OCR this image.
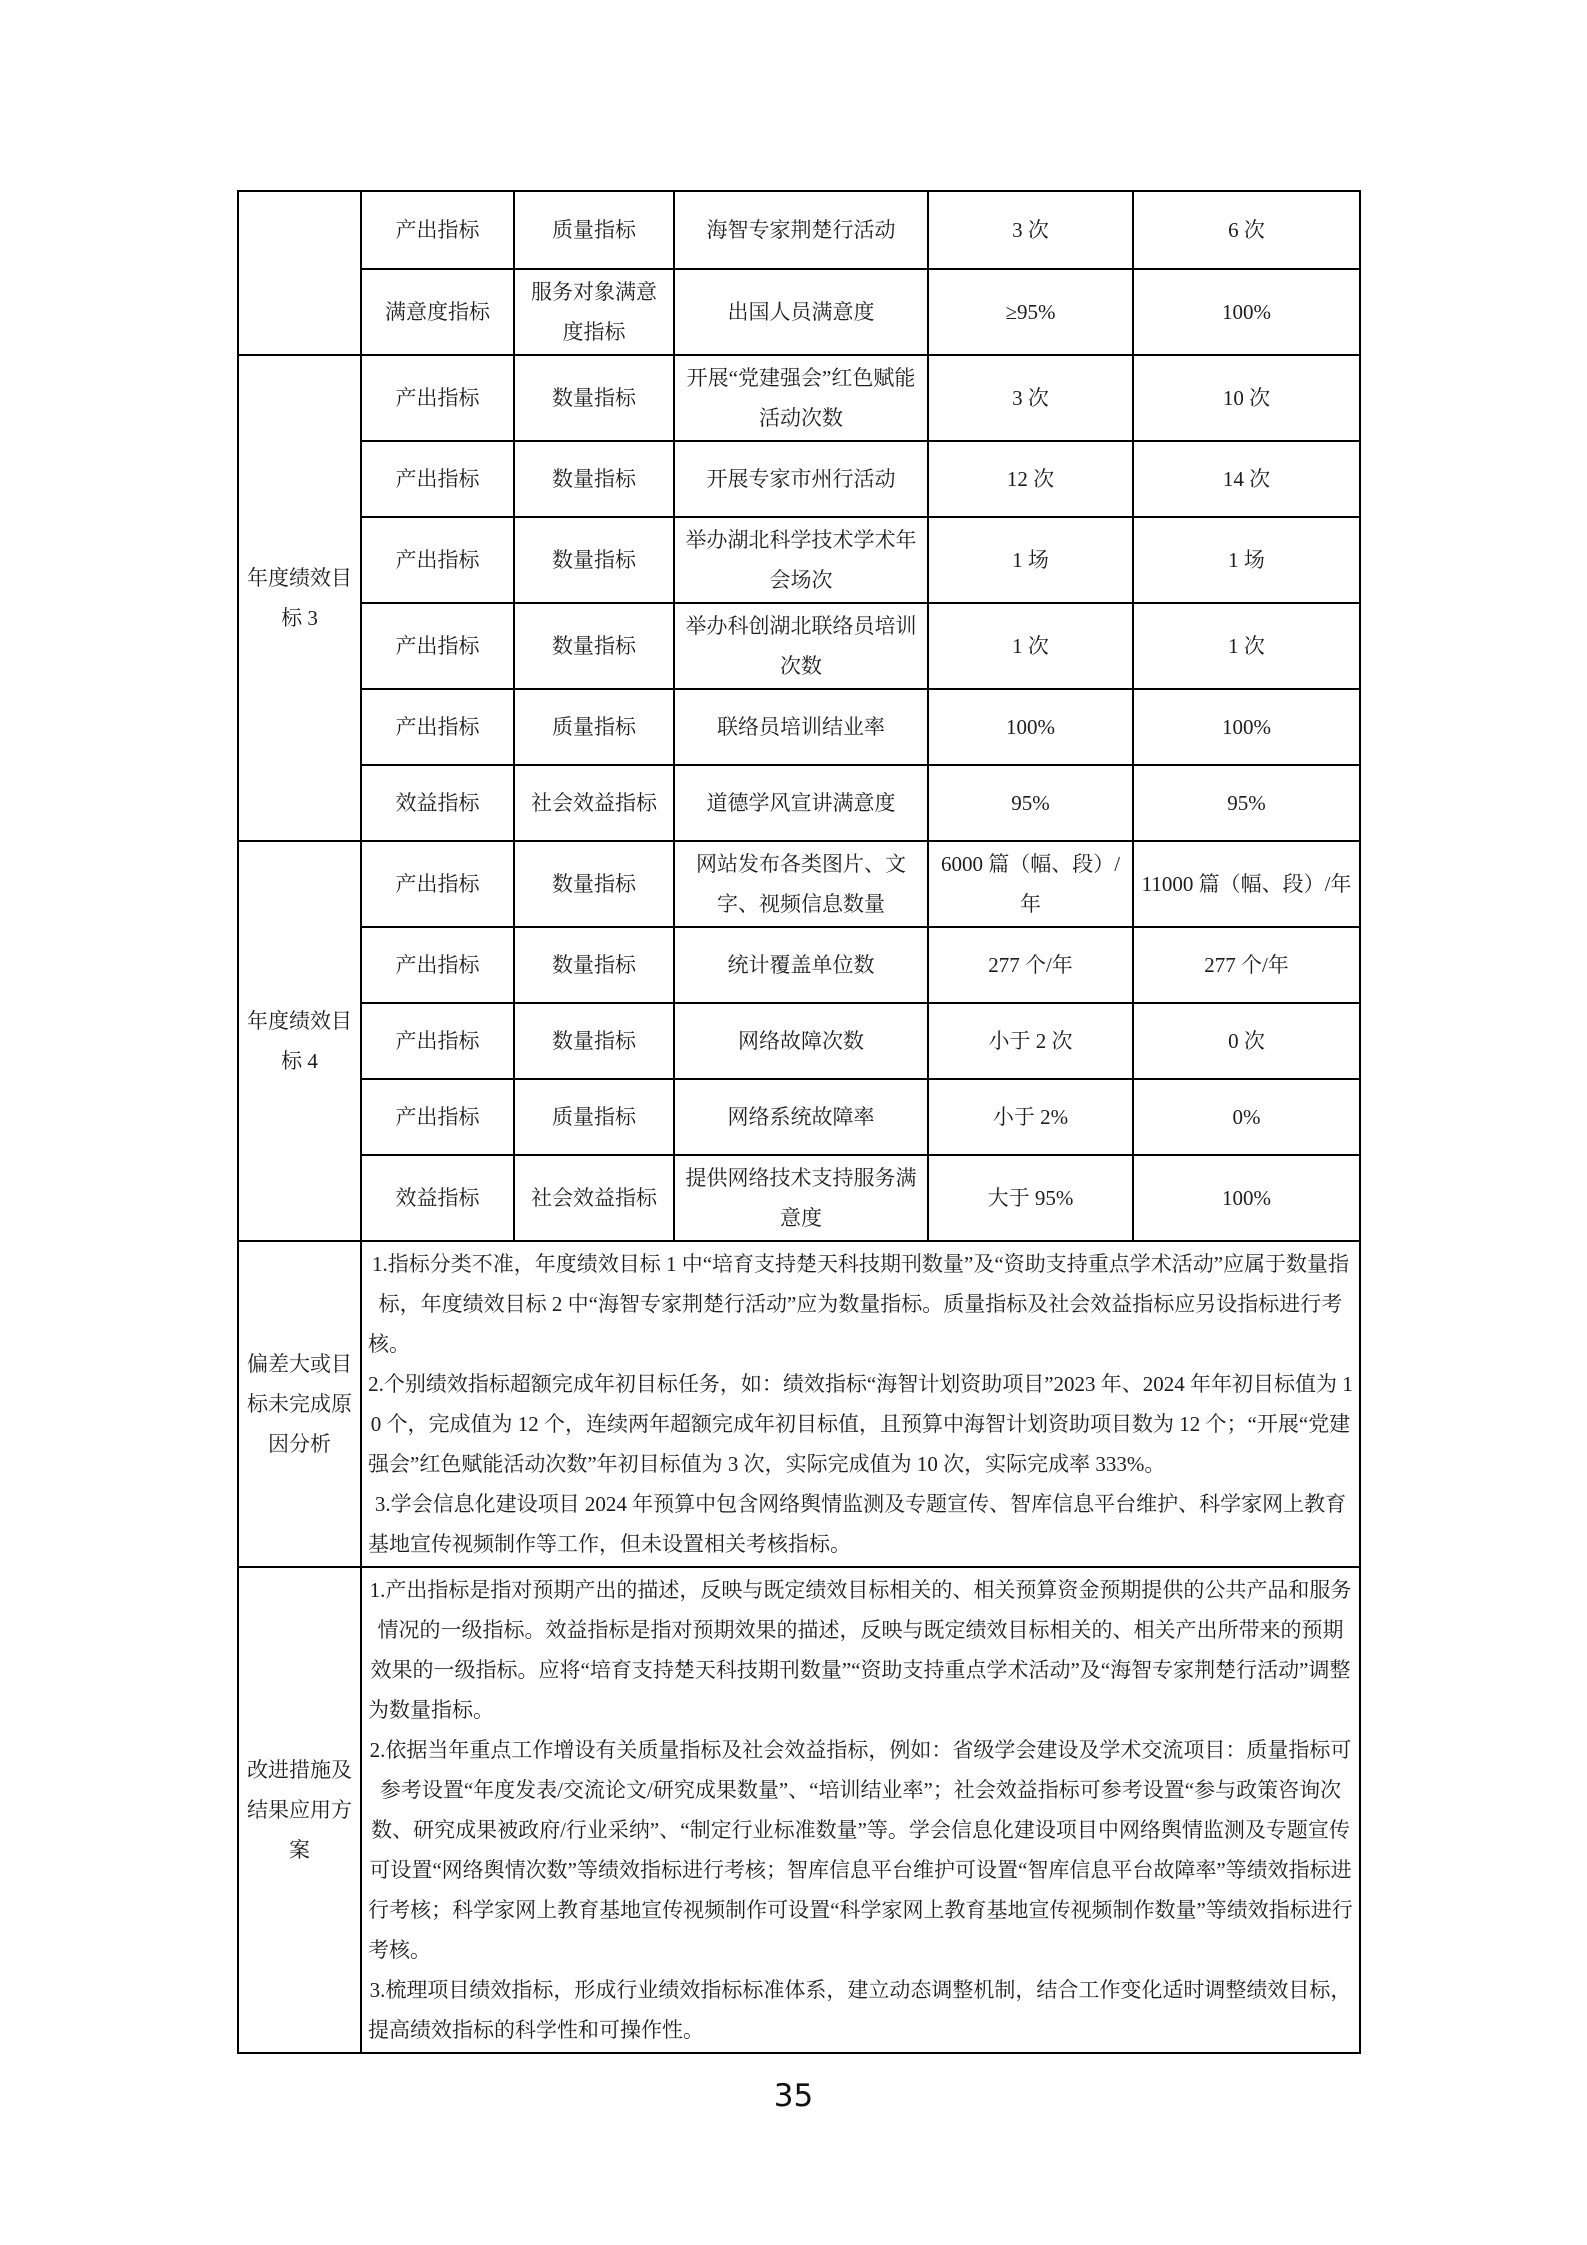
	产出指标	质量指标	海智专家荆楚行活动	3 次	6 次
	满意度指标	服务对象满意度指标	出国人员满意度	≥95%	100%
年度绩效目标 3	产出指标	数量指标	开展“党建强会”红色赋能活动次数	3 次	10 次
	产出指标	数量指标	开展专家市州行活动	12 次	14 次
	产出指标	数量指标	举办湖北科学技术学术年会场次	1 场	1 场
	产出指标	数量指标	举办科创湖北联络员培训次数	1 次	1 次
	产出指标	质量指标	联络员培训结业率	100%	100%
	效益指标	社会效益指标	道德学风宣讲满意度	95%	95%
年度绩效目标 4	产出指标	数量指标	网站发布各类图片、文字、视频信息数量	6000 篇（幅、段）/年	11000 篇（幅、段）/年
	产出指标	数量指标	统计覆盖单位数	277 个/年	277 个/年
	产出指标	数量指标	网络故障次数	小于 2 次	0 次
	产出指标	质量指标	网络系统故障率	小于 2%	0%
	效益指标	社会效益指标	提供网络技术支持服务满意度	大于 95%	100%
偏差大或目标未完成原因分析	1.指标分类不准，年度绩效目标 1 中“培育支持楚天科技期刊数量”及“资助支持重点学术活动”应属于数量指标，年度绩效目标 2 中“海智专家荆楚行活动”应为数量指标。质量指标及社会效益指标应另设指标进行考核。

2.个别绩效指标超额完成年初目标任务，如：绩效指标“海智计划资助项目”2023 年、2024 年年初目标值为 10 个，完成值为 12 个，连续两年超额完成年初目标值，且预算中海智计划资助项目数为 12 个；“开展“党建强会”红色赋能活动次数”年初目标值为 3 次，实际完成值为 10 次，实际完成率 333%。

3.学会信息化建设项目 2024 年预算中包含网络舆情监测及专题宣传、智库信息平台维护、科学家网上教育基地宣传视频制作等工作，但未设置相关考核指标。				

改进措施及结果应用方案	1.产出指标是指对预期产出的描述，反映与既定绩效目标相关的、相关预算资金预期提供的公共产品和服务情况的一级指标。效益指标是指对预期效果的描述，反映与既定绩效目标相关的、相关产出所带来的预期效果的一级指标。应将“培育支持楚天科技期刊数量”“资助支持重点学术活动”及“海智专家荆楚行活动”调整为数量指标。

2.依据当年重点工作增设有关质量指标及社会效益指标，例如：省级学会建设及学术交流项目：质量指标可参考设置“年度发表/交流论文/研究成果数量”、“培训结业率”；社会效益指标可参考设置“参与政策咨询次数、研究成果被政府/行业采纳”、“制定行业标准数量”等。学会信息化建设项目中网络舆情监测及专题宣传可设置“网络舆情次数”等绩效指标进行考核；智库信息平台维护可设置“智库信息平台故障率”等绩效指标进行考核；科学家网上教育基地宣传视频制作可设置“科学家网上教育基地宣传视频制作数量”等绩效指标进行考核。

3.梳理项目绩效指标，形成行业绩效指标标准体系，建立动态调整机制，结合工作变化适时调整绩效目标，提高绩效指标的科学性和可操作性。				

35
